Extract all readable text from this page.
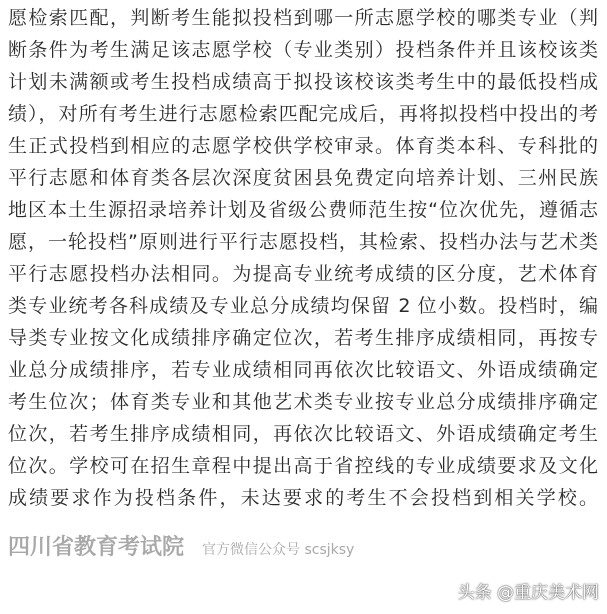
愿检索匹配，判断考生能拟投档到哪一所志愿学校的哪类专业（判
断条件为考生满足该志愿学校（专业类别）投档条件并且该校该类
计划未满额或考生投档成绩高于拟投该校该类考生中的最低投档成
绩），对所有考生进行志愿检索匹配完成后，再将拟投档中投出的考
生正式投档到相应的志愿学校供学校审录。体育类本科、专科批的
平行志愿和体育类各层次深度贫困县免费定向培养计划、三州民族
地区本土生源招录培养计划及省级公费师范生按“位次优先，遵循志
愿，一轮投档”原则进行平行志愿投档，其检索、投档办法与艺术类
平行志愿投档办法相同。为提高专业统考成绩的区分度，艺术体育
类专业统考各科成绩及专业总分成绩均保留 2 位小数。投档时，编
导类专业按文化成绩排序确定位次，若考生排序成绩相同，再按专
业总分成绩排序，若专业成绩相同再依次比较语文、外语成绩确定
考生位次；体育类专业和其他艺术类专业按专业总分成绩排序确定
位次，若考生排序成绩相同，再依次比较语文、外语成绩确定考生
位次。学校可在招生章程中提出高于省控线的专业成绩要求及文化
成绩要求作为投档条件，未达要求的考生不会投档到相关学校。
四川省教育考试院 官方微信公众号 scsjksy
头条 @重庆美术网
